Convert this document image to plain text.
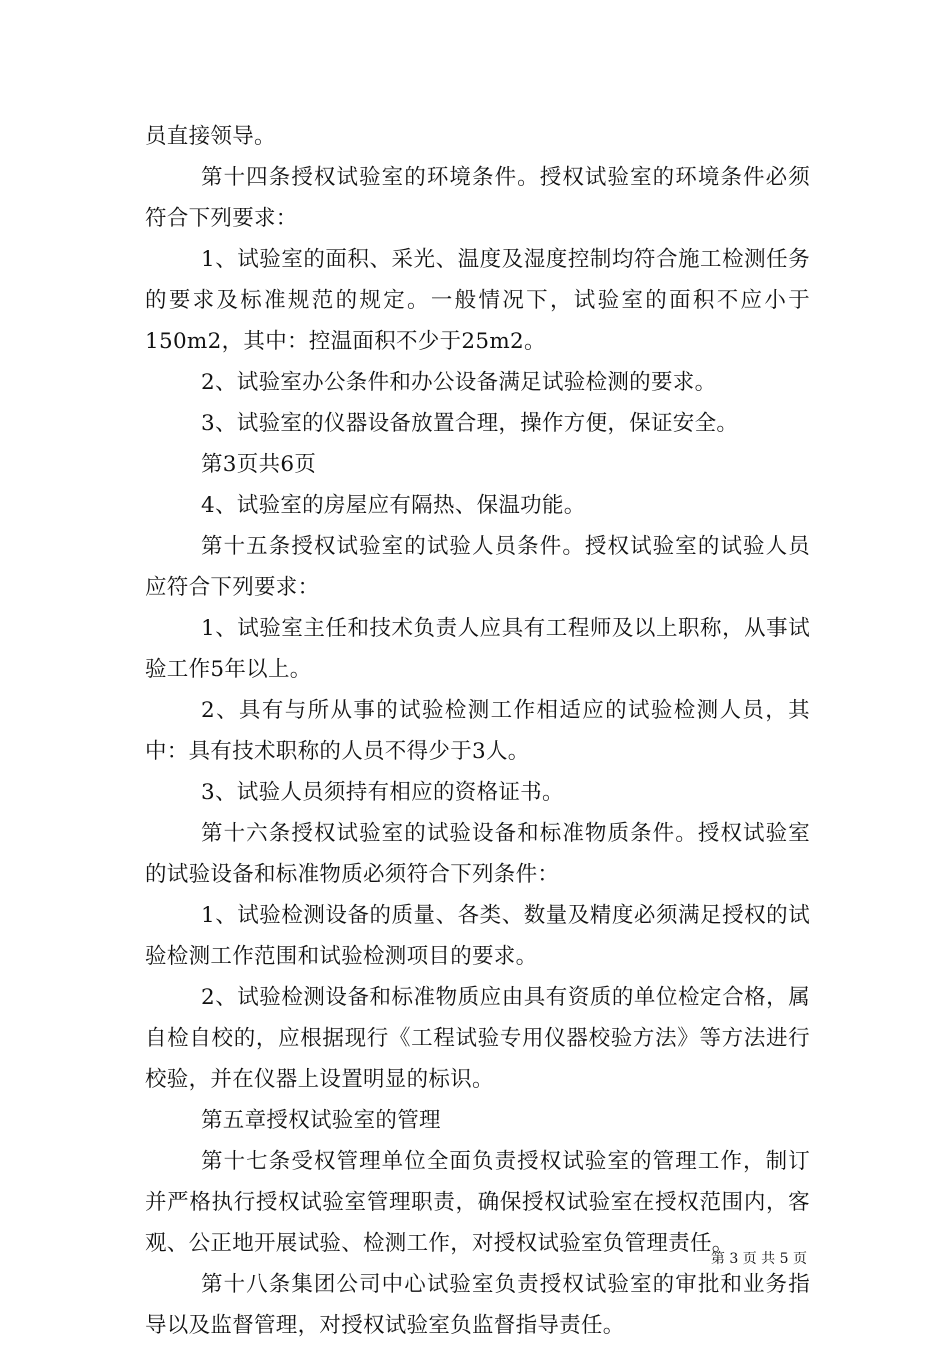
员直接领导。

第十四条授权试验室的环境条件。授权试验室的环境条件必须符合下列要求：

1、试验室的面积、采光、温度及湿度控制均符合施工检测任务的要求及标准规范的规定。一般情况下，试验室的面积不应小于150m2，其中：控温面积不少于25m2。

2、试验室办公条件和办公设备满足试验检测的要求。

3、试验室的仪器设备放置合理，操作方便，保证安全。

第3页共6页

4、试验室的房屋应有隔热、保温功能。

第十五条授权试验室的试验人员条件。授权试验室的试验人员应符合下列要求：

1、试验室主任和技术负责人应具有工程师及以上职称，从事试验工作5年以上。

2、具有与所从事的试验检测工作相适应的试验检测人员，其中：具有技术职称的人员不得少于3人。

3、试验人员须持有相应的资格证书。

第十六条授权试验室的试验设备和标准物质条件。授权试验室的试验设备和标准物质必须符合下列条件：

1、试验检测设备的质量、各类、数量及精度必须满足授权的试验检测工作范围和试验检测项目的要求。

2、试验检测设备和标准物质应由具有资质的单位检定合格，属自检自校的，应根据现行《工程试验专用仪器校验方法》等方法进行校验，并在仪器上设置明显的标识。

第五章授权试验室的管理

第十七条受权管理单位全面负责授权试验室的管理工作，制订并严格执行授权试验室管理职责，确保授权试验室在授权范围内，客观、公正地开展试验、检测工作，对授权试验室负管理责任。

第十八条集团公司中心试验室负责授权试验室的审批和业务指导以及监督管理，对授权试验室负监督指导责任。

第 3 页 共 5 页
